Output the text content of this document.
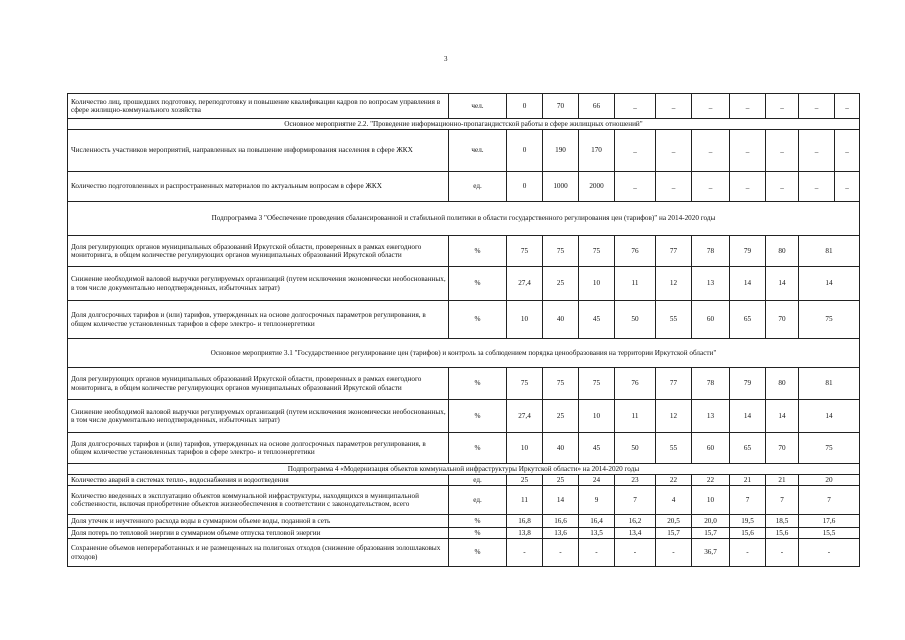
3
Количество лиц, прошедших подготовку, переподготовку и повышение квалификации кадров по вопросам управления в сфере жилищно-коммунального хозяйства	чел.	0	70	66	_	_	_	_	_	_	_
Основное мероприятие 2.2. "Проведение информационно-пропагандистской работы в сфере жилищных отношений"											
Численность участников мероприятий, направленных на повышение информирования населения в сфере ЖКХ	чел.	0	190	170	_	_	_	_	_	_	_
Количество подготовленных и распространенных материалов по актуальным вопросам в сфере ЖКХ	ед.	0	1000	2000	_	_	_	_	_	_	_
Подпрограмма 3 "Обеспечение проведения сбалансированной и стабильной политики в области государственного регулирования цен (тарифов)" на 2014-2020 годы											
Доля регулирующих органов муниципальных образований Иркутской области, проверенных в рамках ежегодного мониторинга, в общем количестве регулирующих органов муниципальных образований Иркутской области	%	75	75	75	76	77	78	79	80	81	
Снижение необходимой валовой выручки регулируемых организаций (путем исключения экономически необоснованных, в том числе документально неподтвержденных, избыточных затрат)	%	27,4	25	10	11	12	13	14	14	14	
Доля долгосрочных тарифов и (или) тарифов, утвержденных на основе долгосрочных параметров регулирования, в общем количестве установленных тарифов в сфере электро- и теплоэнергетики	%	10	40	45	50	55	60	65	70	75	
Основное мероприятие 3.1 "Государственное регулирование цен (тарифов) и контроль за соблюдением порядка ценообразования на территории Иркутской области"											
Доля регулирующих органов муниципальных образований Иркутской области, проверенных в рамках ежегодного мониторинга, в общем количестве регулирующих органов муниципальных образований Иркутской области	%	75	75	75	76	77	78	79	80	81	
Снижение необходимой валовой выручки регулируемых организаций (путем исключения экономически необоснованных, в том числе документально неподтвержденных, избыточных затрат)	%	27,4	25	10	11	12	13	14	14	14	
Доля долгосрочных тарифов и (или) тарифов, утвержденных на основе долгосрочных параметров регулирования, в общем количестве установленных тарифов в сфере электро- и теплоэнергетики	%	10	40	45	50	55	60	65	70	75	
Подпрограмма 4 «Модернизация объектов коммунальной инфраструктуры Иркутской области» на 2014-2020 годы											
Количество аварий в системах тепло-, водоснабжения и водоотведения	ед.	25	25	24	23	22	22	21	21	20	
Количество введенных в эксплуатацию объектов коммунальной инфраструктуры, находящихся в муниципальной собственности, включая приобретение объектов жизнеобеспечения в соответствии с законодательством, всего	ед.	11	14	9	7	4	10	7	7	7	
Доля утечек и неучтенного расхода воды в суммарном объеме воды, поданной в сеть	%	16,8	16,6	16,4	16,2	20,5	20,0	19,5	18,5	17,6	
Доля потерь по тепловой энергии в суммарном объеме отпуска тепловой энергии	%	13,8	13,6	13,5	13,4	15,7	15,7	15,6	15,6	15,5	
Сохранение объемов непереработанных и не размещенных на полигонах отходов (снижение образования золошлаковых отходов)	%	-	-	-	-	-	36,7	-	-	-	
